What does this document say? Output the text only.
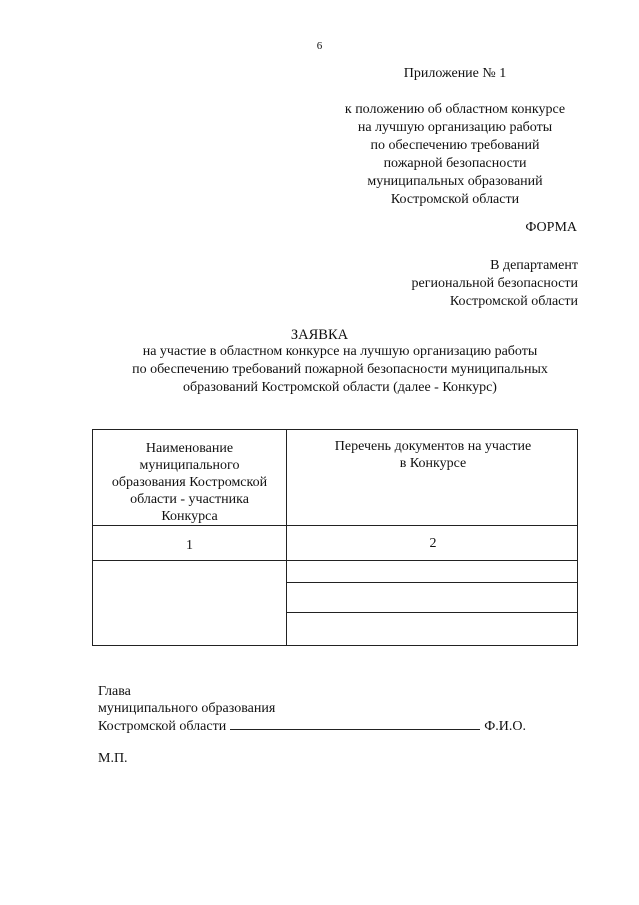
6
Приложение № 1
к положению об областном конкурсе
на лучшую организацию работы
по обеспечению требований
пожарной безопасности
муниципальных образований
Костромской области
ФОРМА
В департамент
региональной безопасности
Костромской области
ЗАЯВКА
на участие в областном конкурсе на лучшую организацию работы
по обеспечению требований пожарной безопасности муниципальных
образований Костромской области (далее - Конкурс)
Наименование
муниципального
образования Костромской
области - участника
Конкурса
Перечень документов на участие
в Конкурсе
1	2
Глава
муниципального образования
Костромской области	Ф.И.О.
М.П.
